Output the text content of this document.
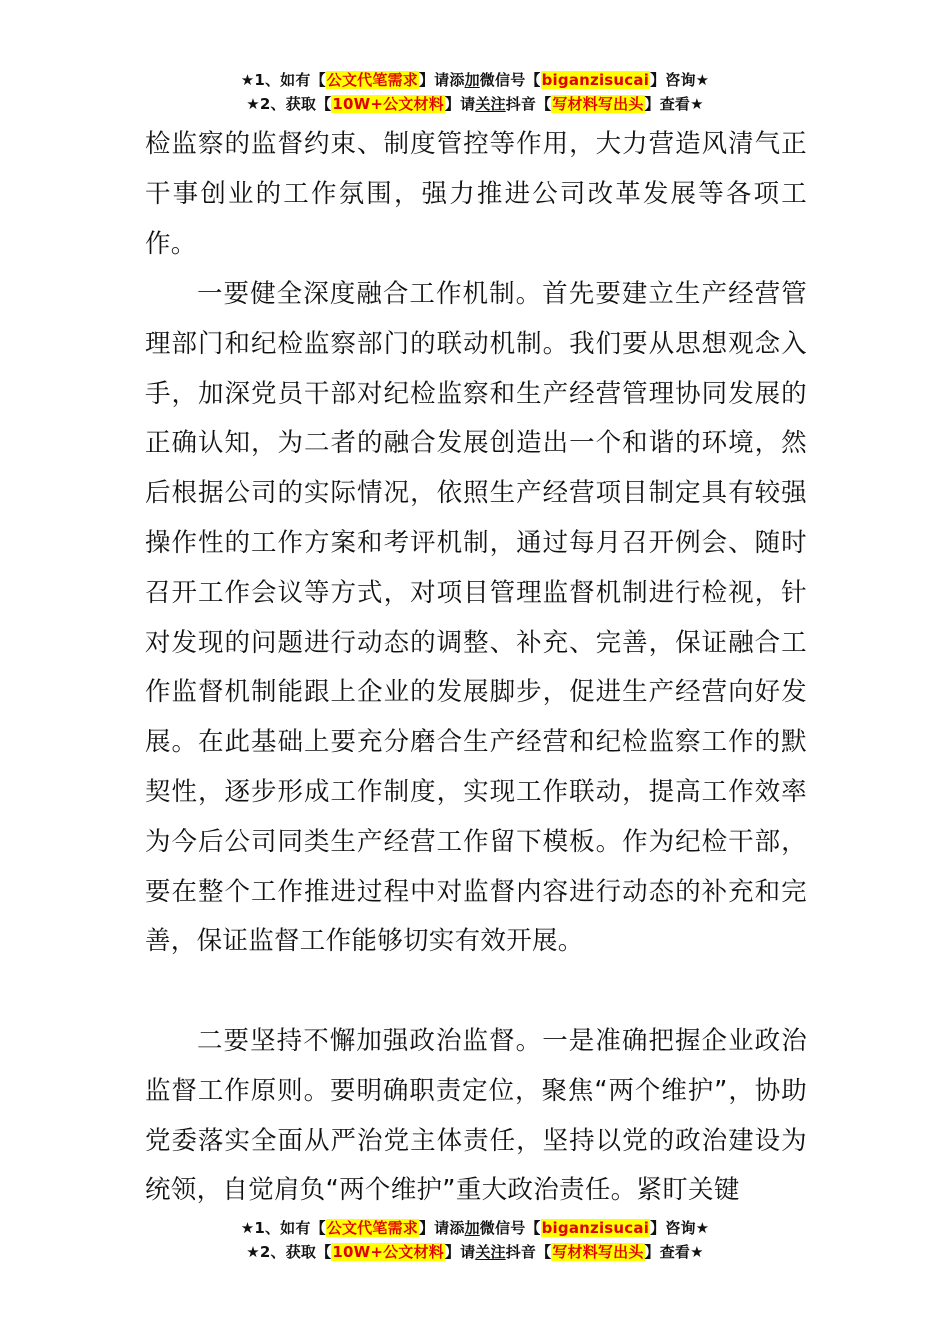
★1、如有【公文代笔需求】请添加微信号【biganzisucai】咨询★
★2、获取【10W+公文材料】请关注抖音【写材料写出头】查看★

检监察的监督约束、制度管控等作用，大力营造风清气正干事创业的工作氛围，强力推进公司改革发展等各项工作。

一要健全深度融合工作机制。首先要建立生产经营管理部门和纪检监察部门的联动机制。我们要从思想观念入手，加深党员干部对纪检监察和生产经营管理协同发展的正确认知，为二者的融合发展创造出一个和谐的环境，然后根据公司的实际情况，依照生产经营项目制定具有较强操作性的工作方案和考评机制，通过每月召开例会、随时召开工作会议等方式，对项目管理监督机制进行检视，针对发现的问题进行动态的调整、补充、完善，保证融合工作监督机制能跟上企业的发展脚步，促进生产经营向好发展。在此基础上要充分磨合生产经营和纪检监察工作的默契性，逐步形成工作制度，实现工作联动，提高工作效率为今后公司同类生产经营工作留下模板。作为纪检干部，要在整个工作推进过程中对监督内容进行动态的补充和完善，保证监督工作能够切实有效开展。

二要坚持不懈加强政治监督。一是准确把握企业政治监督工作原则。要明确职责定位，聚焦“两个维护”，协助党委落实全面从严治党主体责任，坚持以党的政治建设为统领，自觉肩负“两个维护”重大政治责任。紧盯关键

★1、如有【公文代笔需求】请添加微信号【biganzisucai】咨询★
★2、获取【10W+公文材料】请关注抖音【写材料写出头】查看★
